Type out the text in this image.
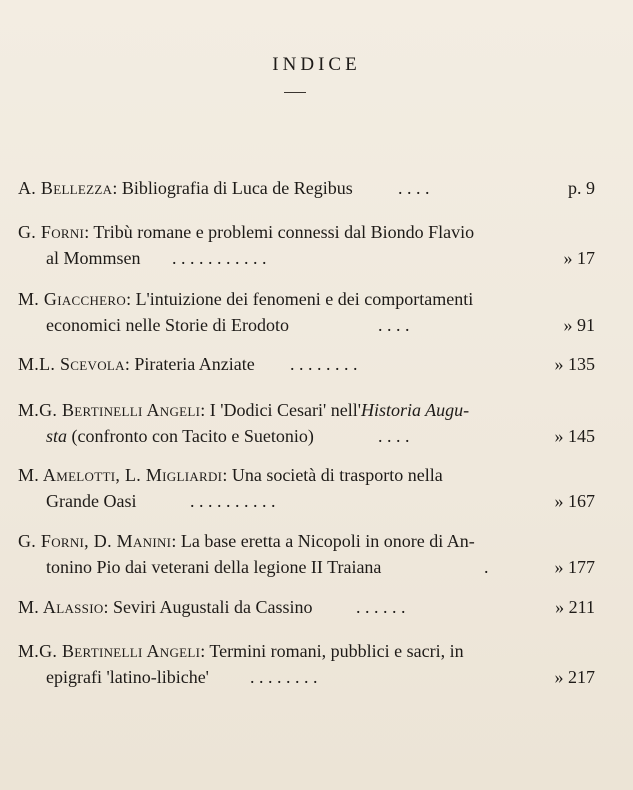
INDICE
A. Bellezza: Bibliografia di Luca de Regibus	. . . .	p. 9
G. Forni: Tribù romane e problemi connessi dal Biondo Flavio
al Mommsen . . . . . . . . . . .	» 17
M. Giacchero: L'intuizione dei fenomeni e dei comportamenti
economici nelle Storie di Erodoto	. . . .	» 91
M.L. Scevola: Pirateria Anziate . . . . . . . .	» 135
M.G. Bertinelli Angeli: I 'Dodici Cesari' nell'Historia Augu-
sta (confronto con Tacito e Suetonio)	. . . .	» 145
M. Amelotti, L. Migliardi: Una società di trasporto nella
Grande Oasi	. . . . . . . . . .	» 167
G. Forni, D. Manini: La base eretta a Nicopoli in onore di An-
tonino Pio dai veterani della legione II Traiana	.	» 177
M. Alassio: Seviri Augustali da Cassino . . . . . .	» 211
M.G. Bertinelli Angeli: Termini romani, pubblici e sacri, in
epigrafi 'latino-libiche' . . . . . . . .	» 217
